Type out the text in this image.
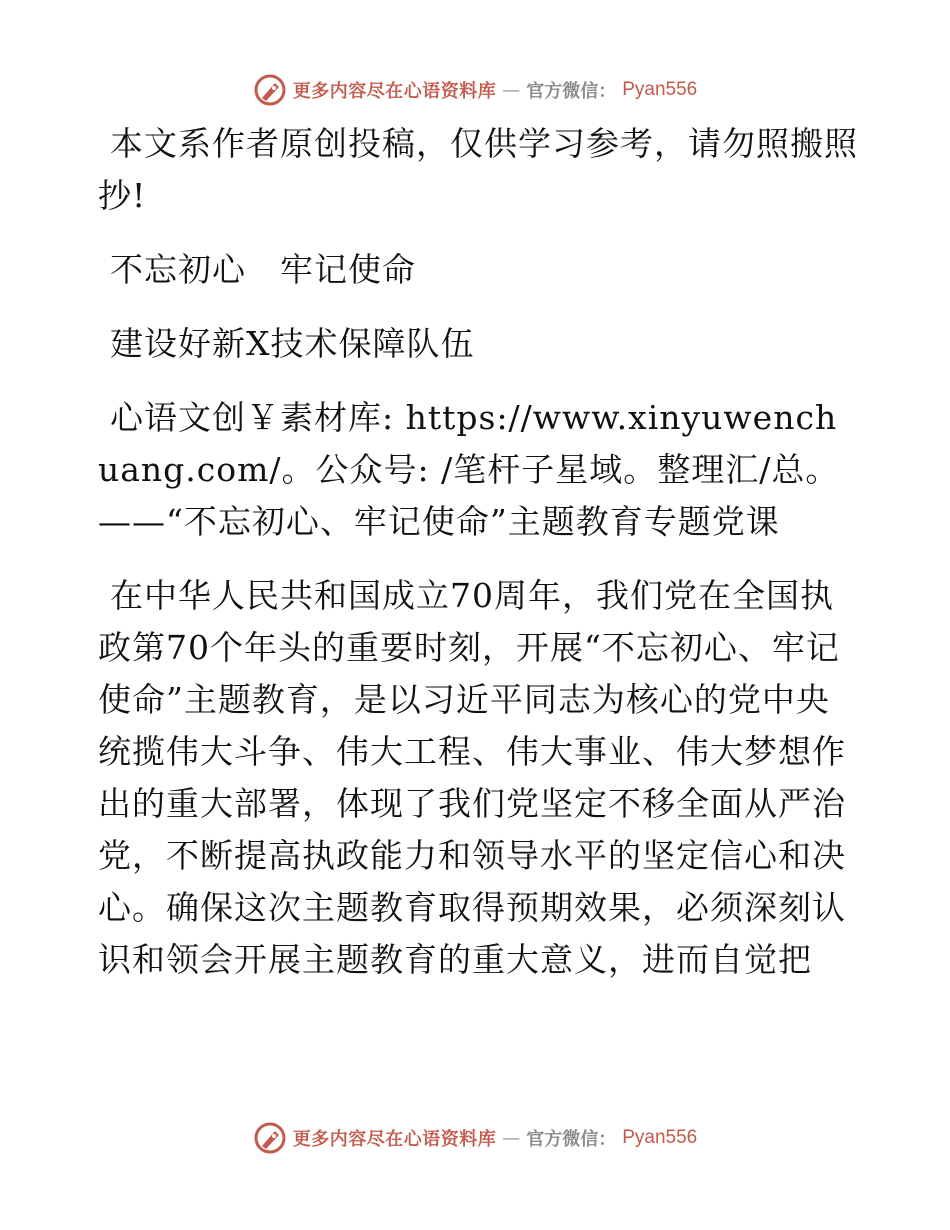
更多内容尽在心语资料库 — 官方微信： Pyan556

本文系作者原创投稿，仅供学习参考，请勿照搬照抄!

不忘初心　牢记使命

建设好新X技术保障队伍

心语文创￥素材库: https://www.xinyuwenchuang.com/。公众号: /笔杆子星域。整理汇/总。——“不忘初心、牢记使命”主题教育专题党课

在中华人民共和国成立70周年，我们党在全国执政第70个年头的重要时刻，开展“不忘初心、牢记使命”主题教育，是以习近平同志为核心的党中央统揽伟大斗争、伟大工程、伟大事业、伟大梦想作出的重大部署，体现了我们党坚定不移全面从严治党，不断提高执政能力和领导水平的坚定信心和决心。确保这次主题教育取得预期效果，必须深刻认识和领会开展主题教育的重大意义，进而自觉把

更多内容尽在心语资料库 — 官方微信： Pyan556
